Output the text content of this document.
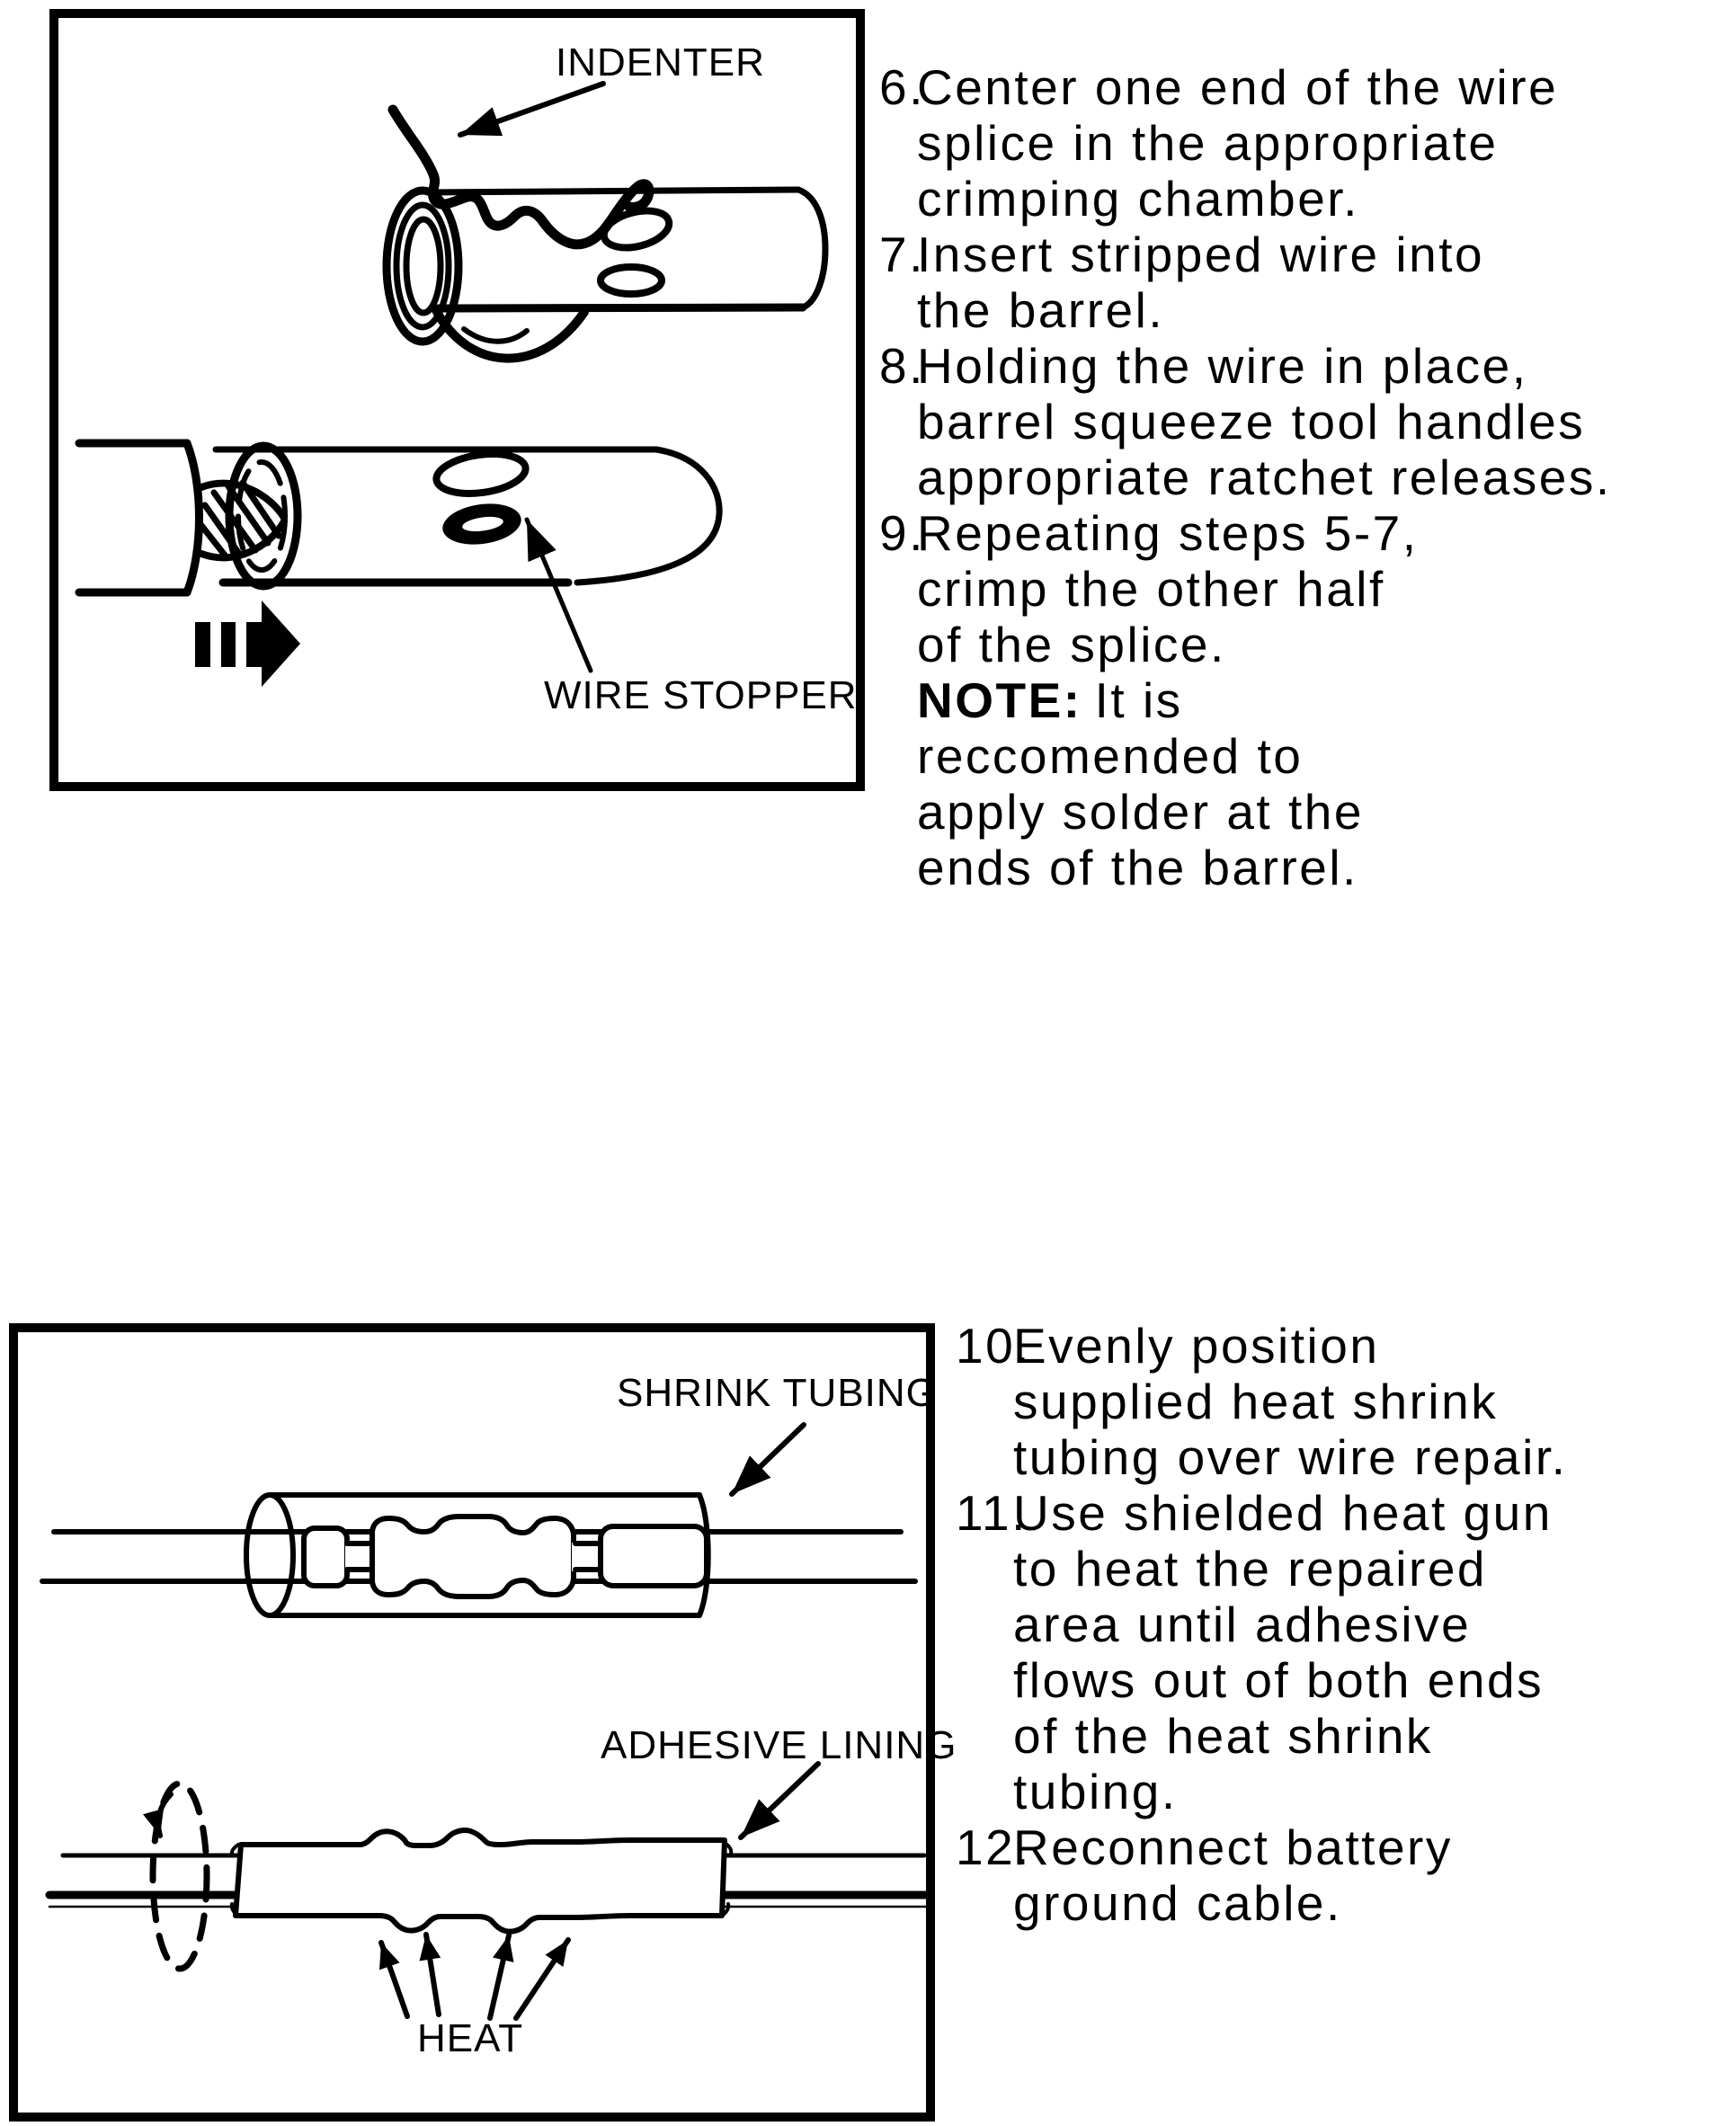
INDENTER
WIRE STOPPER
6.
Center one end of the wire
splice in the appropriate
crimping chamber.
7.
Insert stripped wire into
the barrel.
8.
Holding the wire in place,
barrel squeeze tool handles
appropriate ratchet releases.
9.
Repeating steps 5-7,
crimp the other half
of the splice.
NOTE: It is
reccomended to
apply solder at the
ends of the barrel.
SHRINK TUBING
ADHESIVE LINING
HEAT
10.
Evenly position
supplied heat shrink
tubing over wire repair.
11.
Use shielded heat gun
to heat the repaired
area until adhesive
flows out of both ends
of the heat shrink
tubing.
12.
Reconnect battery
ground cable.
